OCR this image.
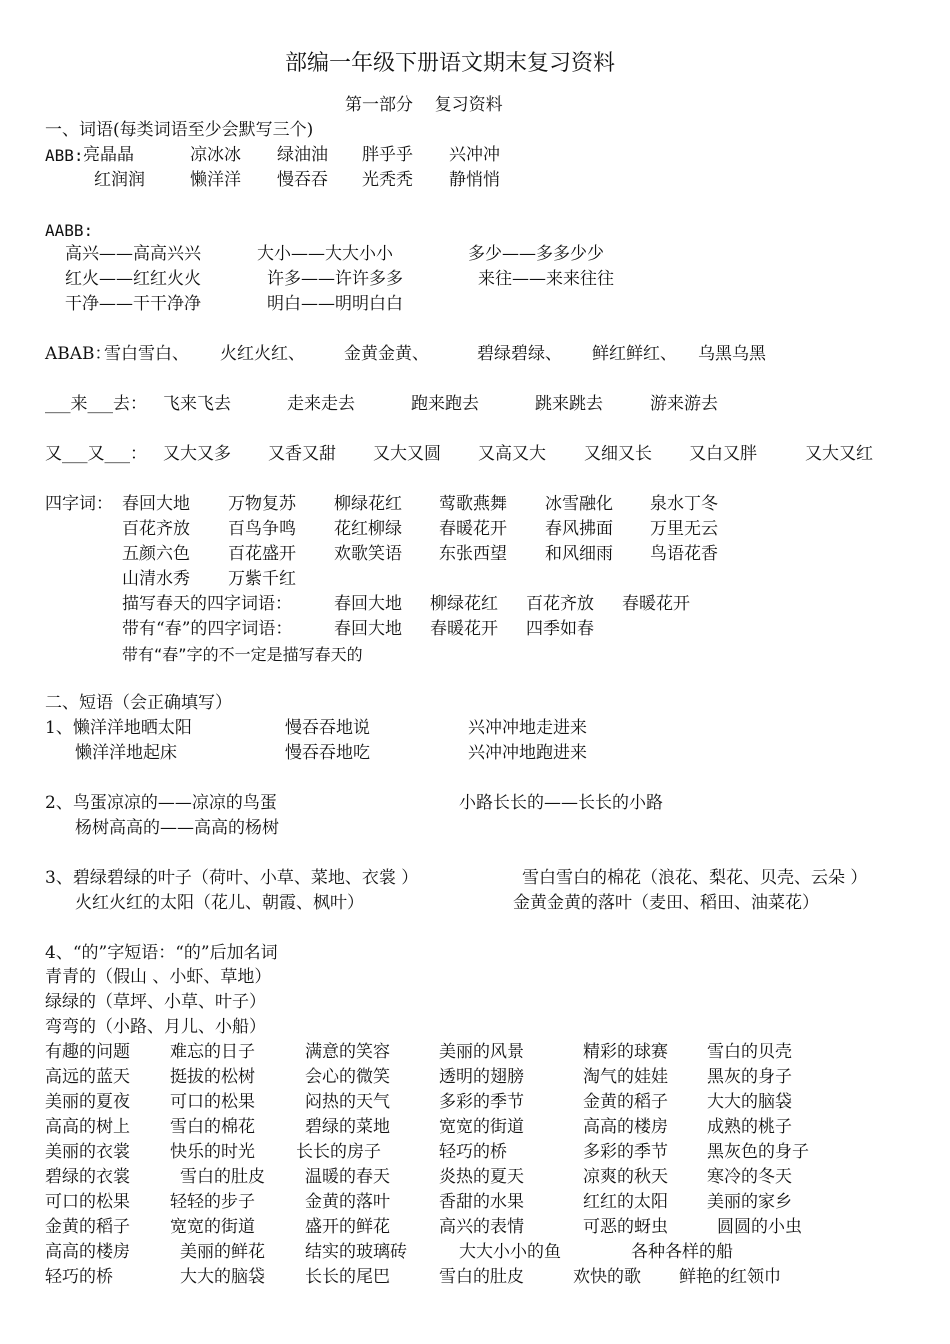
部编一年级下册语文期末复习资料
第一部分    复习资料
一、词语(每类词语至少会默写三个)
ABB: 亮晶晶	凉冰冰 绿油油 胖乎乎 兴冲冲
红润润	懒洋洋 慢吞吞 光秃秃 静悄悄
AABB:
高兴——高高兴兴	大小——大大小小	多少——多多少少
红火——红红火火	许多——许许多多	来往——来来往往
干净——干干净净	明白——明明白白
ABAB：
雪白雪白、 火红火红、 金黄金黄、	碧绿碧绿、 鲜红鲜红、 乌黑乌黑
___来___去： 飞来飞去	走来走去	跑来跑去	跳来跳去	游来游去
又___又___： 又大又多 又香又甜 又大又圆 又高又大 又细又长 又白又胖	又大又红
四字词： 春回大地 万物复苏 柳绿花红 莺歌燕舞 冰雪融化 泉水丁冬
百花齐放 百鸟争鸣 花红柳绿 春暖花开 春风拂面 万里无云
五颜六色 百花盛开 欢歌笑语 东张西望 和风细雨 鸟语花香
山清水秀 万紫千红
描写春天的四字词语： 春回大地 柳绿花红 百花齐放 春暖花开
带有“春”的四字词语： 春回大地 春暖花开 四季如春
带有“春”字的不一定是描写春天的
二、短语（会正确填写）
1、懒洋洋地晒太阳	慢吞吞地说	兴冲冲地走进来
懒洋洋地起床	慢吞吞地吃	兴冲冲地跑进来
2、鸟蛋凉凉的——凉凉的鸟蛋	小路长长的——长长的小路
杨树高高的——高高的杨树
3、碧绿碧绿的叶子（荷叶、小草、菜地、衣裳 ）	雪白雪白的棉花（浪花、梨花、贝壳、云朵 ）
火红火红的太阳（花儿、朝霞、枫叶）	金黄金黄的落叶（麦田、稻田、油菜花）
4、“的”字短语：“的”后加名词
青青的（假山 、小虾、草地）
绿绿的（草坪、小草、叶子）
弯弯的（小路、月儿、小船）
有趣的问题 难忘的日子	满意的笑容	美丽的风景	精彩的球赛 雪白的贝壳
高远的蓝天 挺拔的松树	会心的微笑	透明的翅膀	淘气的娃娃 黑灰的身子
美丽的夏夜 可口的松果	闷热的天气	多彩的季节	金黄的稻子 大大的脑袋
高高的树上 雪白的棉花	碧绿的菜地	宽宽的街道	高高的楼房 成熟的桃子
美丽的衣裳 快乐的时光 长长的房子	轻巧的桥	多彩的季节 黑灰色的身子
碧绿的衣裳	雪白的肚皮 温暖的春天	炎热的夏天	凉爽的秋天 寒冷的冬天
可口的松果 轻轻的步子	金黄的落叶	香甜的水果	红红的太阳 美丽的家乡
金黄的稻子 宽宽的街道	盛开的鲜花	高兴的表情	可恶的蚜虫	圆圆的小虫
高高的楼房	美丽的鲜花 结实的玻璃砖	大大小小的鱼	各种各样的船
轻巧的桥	大大的脑袋 长长的尾巴	雪白的肚皮	欢快的歌 鲜艳的红领巾
